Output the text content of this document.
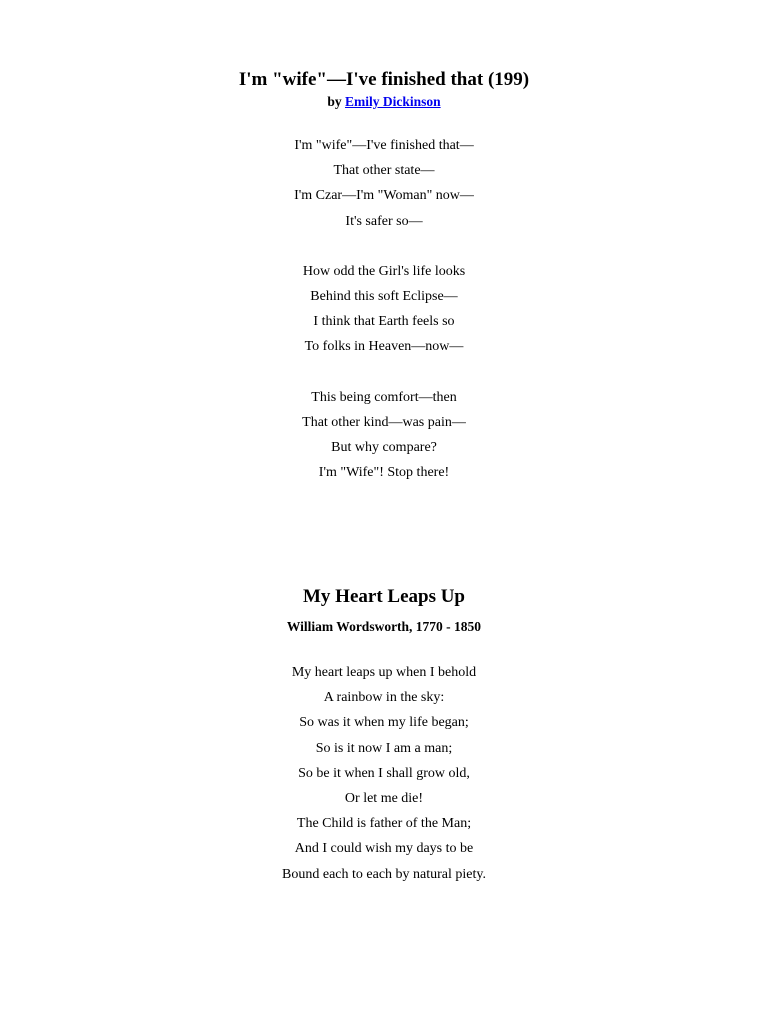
I'm "wife"—I've finished that (199)

by Emily Dickinson

I'm "wife"—I've finished that—
That other state—
I'm Czar—I'm "Woman" now—
It's safer so—
How odd the Girl's life looks
Behind this soft Eclipse—
I think that Earth feels so
To folks in Heaven—now—
This being comfort—then
That other kind—was pain—
But why compare?
I'm "Wife"! Stop there!
My Heart Leaps Up

William Wordsworth, 1770 - 1850

My heart leaps up when I behold
A rainbow in the sky:
So was it when my life began;
So is it now I am a man;
So be it when I shall grow old,
Or let me die!
The Child is father of the Man;
And I could wish my days to be
Bound each to each by natural piety.
